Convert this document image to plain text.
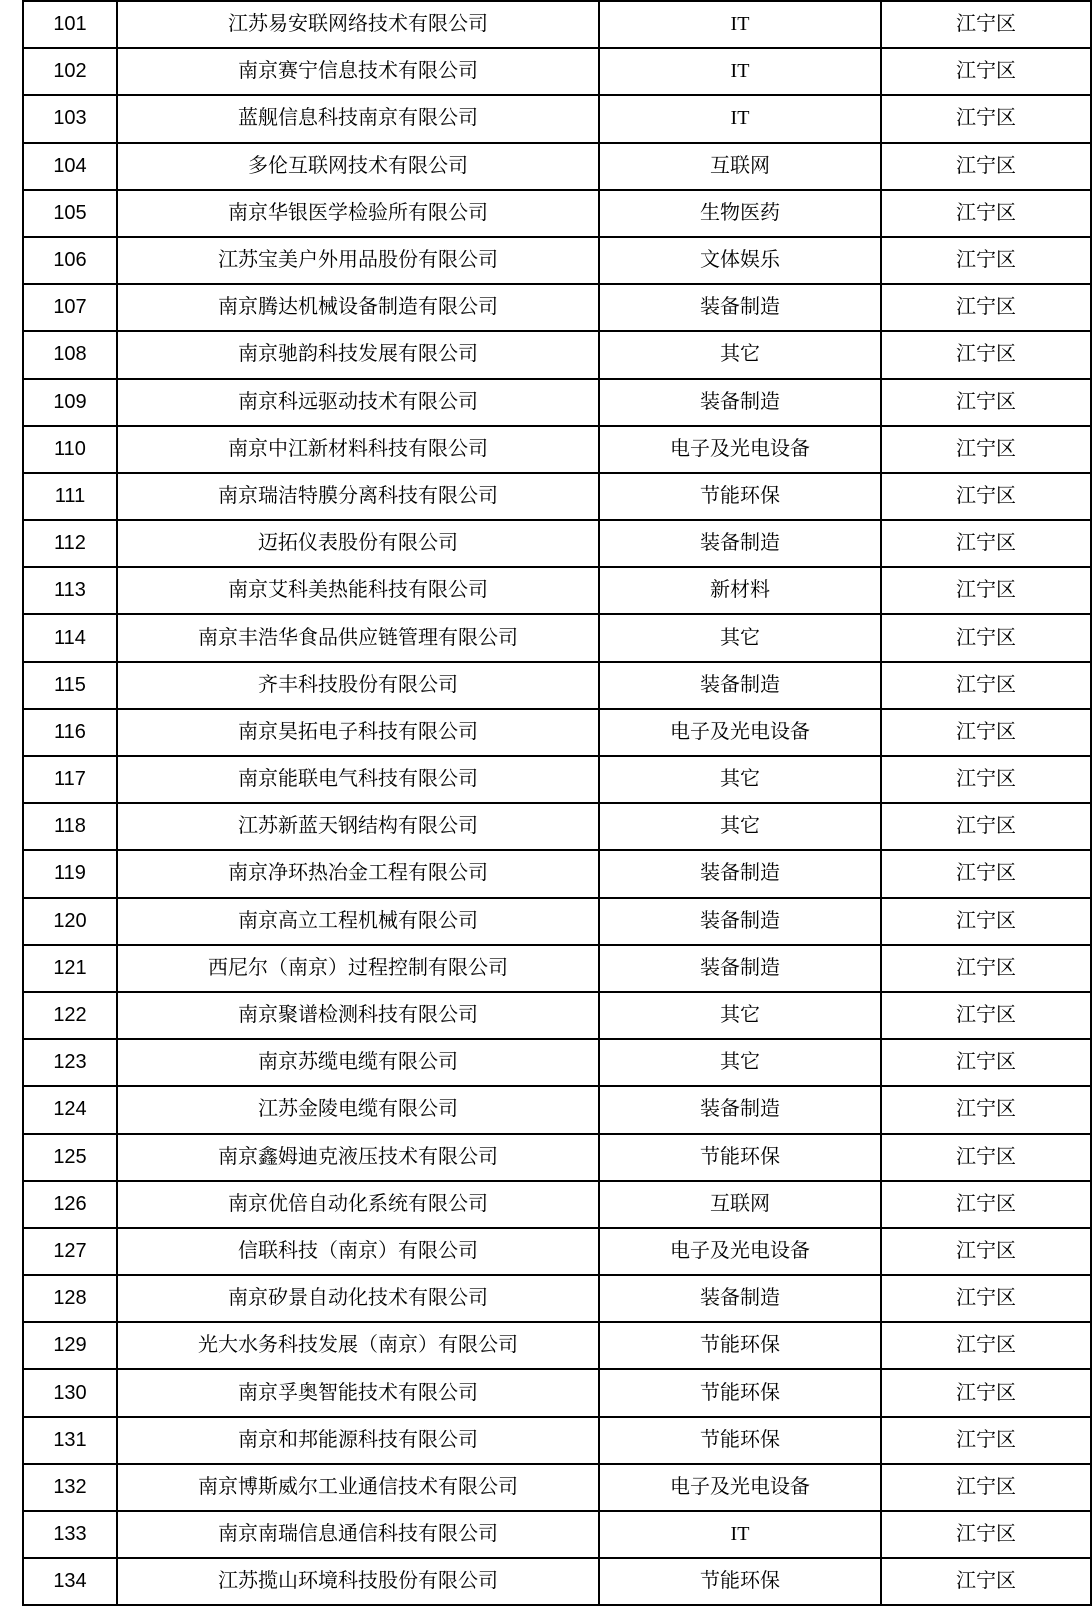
101	江苏易安联网络技术有限公司	IT	江宁区
102	南京赛宁信息技术有限公司	IT	江宁区
103	蓝舰信息科技南京有限公司	IT	江宁区
104	多伦互联网技术有限公司	互联网	江宁区
105	南京华银医学检验所有限公司	生物医药	江宁区
106	江苏宝美户外用品股份有限公司	文体娱乐	江宁区
107	南京腾达机械设备制造有限公司	装备制造	江宁区
108	南京驰韵科技发展有限公司	其它	江宁区
109	南京科远驱动技术有限公司	装备制造	江宁区
110	南京中江新材料科技有限公司	电子及光电设备	江宁区
111	南京瑞洁特膜分离科技有限公司	节能环保	江宁区
112	迈拓仪表股份有限公司	装备制造	江宁区
113	南京艾科美热能科技有限公司	新材料	江宁区
114	南京丰浩华食品供应链管理有限公司	其它	江宁区
115	齐丰科技股份有限公司	装备制造	江宁区
116	南京昊拓电子科技有限公司	电子及光电设备	江宁区
117	南京能联电气科技有限公司	其它	江宁区
118	江苏新蓝天钢结构有限公司	其它	江宁区
119	南京净环热冶金工程有限公司	装备制造	江宁区
120	南京高立工程机械有限公司	装备制造	江宁区
121	西尼尔（南京）过程控制有限公司	装备制造	江宁区
122	南京聚谱检测科技有限公司	其它	江宁区
123	南京苏缆电缆有限公司	其它	江宁区
124	江苏金陵电缆有限公司	装备制造	江宁区
125	南京鑫姆迪克液压技术有限公司	节能环保	江宁区
126	南京优倍自动化系统有限公司	互联网	江宁区
127	信联科技（南京）有限公司	电子及光电设备	江宁区
128	南京矽景自动化技术有限公司	装备制造	江宁区
129	光大水务科技发展（南京）有限公司	节能环保	江宁区
130	南京孚奥智能技术有限公司	节能环保	江宁区
131	南京和邦能源科技有限公司	节能环保	江宁区
132	南京博斯威尔工业通信技术有限公司	电子及光电设备	江宁区
133	南京南瑞信息通信科技有限公司	IT	江宁区
134	江苏揽山环境科技股份有限公司	节能环保	江宁区
